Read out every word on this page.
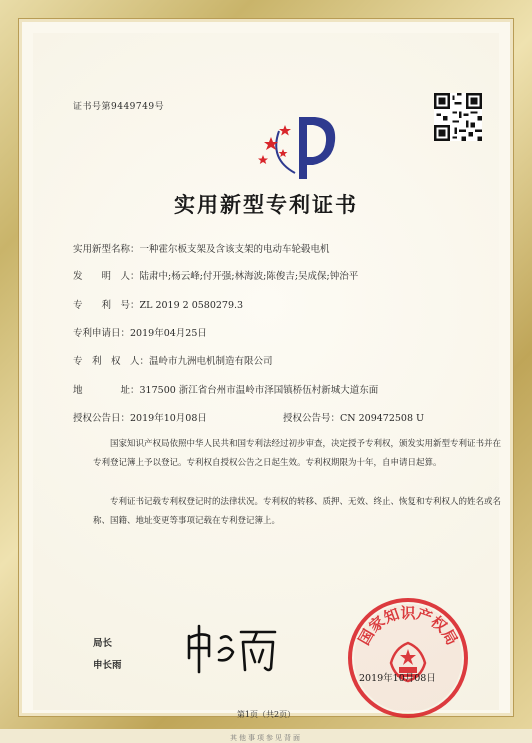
证书号第9449749号
实用新型专利证书
实用新型名称：一种霍尔板支架及含该支架的电动车轮毂电机
发　　明　人：陆肃中;杨云峰;付开强;林海波;陈俊吉;吴成保;钟治平
专　　利　号：ZL 2019 2 0580279.3
专利申请日：2019年04月25日
专　利　权　人：温岭市九洲电机制造有限公司
地　　　　址：317500 浙江省台州市温岭市泽国镇桥伍村新城大道东面
授权公告日：2019年10月08日	授权公告号：CN 209472508 U
国家知识产权局依照中华人民共和国专利法经过初步审查，决定授予专利权，颁发实用新型专利证书并在专利登记簿上予以登记。专利权自授权公告之日起生效。专利权期限为十年，自申请日起算。
专利证书记载专利权登记时的法律状况。专利权的转移、质押、无效、终止、恢复和专利权人的姓名或名称、国籍、地址变更等事项记载在专利登记簿上。
局长
申长雨
国家知识产权局
2019年10月08日
第1页（共2页）
其他事项参见背面
